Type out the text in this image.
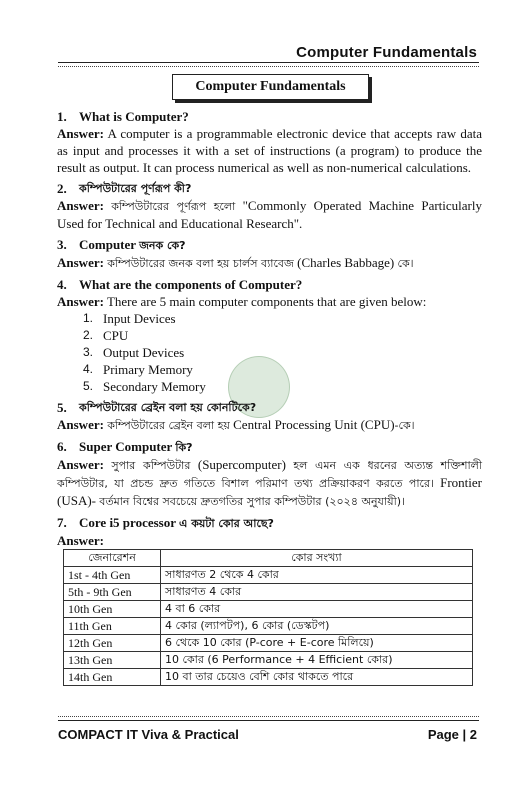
Computer Fundamentals
Computer Fundamentals
1. What is Computer?
Answer: A computer is a programmable electronic device that accepts raw data as input and processes it with a set of instructions (a program) to produce the result as output. It can process numerical as well as non-numerical calculations.
2.	কম্পিউটারের পূর্ণরূপ কী?
Answer: কম্পিউটারের পূর্ণরূপ হলো "Commonly Operated Machine Particularly Used for Technical and Educational Research".
3. Computer জনক কে?
Answer: কম্পিউটারের জনক বলা হয় চার্লস ব্যাবেজ (Charles Babbage) কে।
4. What are the components of Computer?
Answer: There are 5 main computer components that are given below:
1. Input Devices
2. CPU
3. Output Devices
4. Primary Memory
5. Secondary Memory
5.	কম্পিউটারের ব্রেইন বলা হয় কোনটিকে?
Answer: কম্পিউটারের ব্রেইন বলা হয় Central Processing Unit (CPU)-কে।
6. Super Computer কি?
Answer: সুপার কম্পিউটার (Supercomputer) হল এমন এক ধরনের অত্যন্ত শক্তিশালী কম্পিউটার, যা প্রচন্ড দ্রুত গতিতে বিশাল পরিমাণ তথ্য প্রক্রিয়াকরণ করতে পারে। Frontier (USA)- বর্তমান বিশ্বের সবচেয়ে দ্রুতগতির সুপার কম্পিউটার (২০২৪ অনুযায়ী)।
7. Core i5 processor এ কয়টা কোর আছে?
Answer:
জেনারেশন	কোর সংখ্যা
1st - 4th Gen	সাধারণত 2 থেকে 4 কোর
5th - 9th Gen	সাধারণত 4 কোর
10th Gen	4 বা 6 কোর
11th Gen	4 কোর (ল্যাপটপ), 6 কোর (ডেস্কটপ)
12th Gen	6 থেকে 10 কোর (P-core + E-core মিলিয়ে)
13th Gen	10 কোর (6 Performance + 4 Efficient কোর)
14th Gen	10 বা তার চেয়েও বেশি কোর থাকতে পারে
COMPACT IT Viva & Practical	Page | 2
